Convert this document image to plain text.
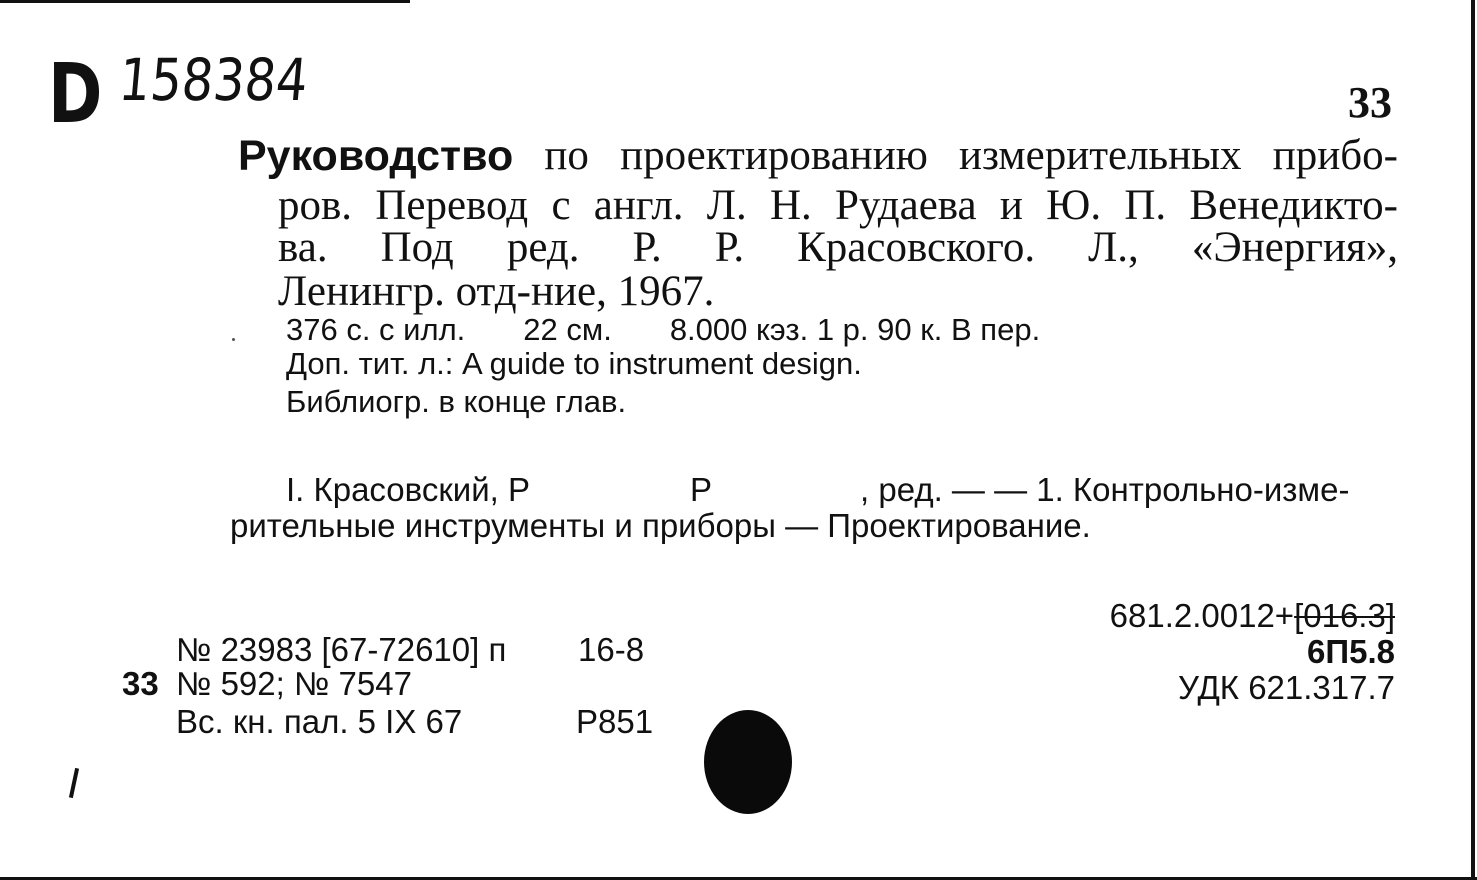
D 158384	33
Руководство по проектированию измерительных прибо-
ров. Перевод с англ. Л. Н. Рудаева и Ю. П. Венедикто-
ва. Под ред. Р. Р. Красовского. Л., «Энергия»,
Ленингр. отд-ние, 1967.
376 с. с илл. 22 см. 8.000 кэз. 1 р. 90 к. В пер.
Доп. тит. л.: A guide to instrument design.
Библиогр. в конце глав.
I. Красовский, Р	Р	, ред. — — 1. Контрольно-изме-
рительные инструменты и приборы — Проектирование.
681.2.0012+[016.3]
6П5.8
УДК 621.317.7
№ 23983 [67-72610] п 16-8
33 № 592; № 7547
Вс. кн. пал. 5 IX 67	Р851
